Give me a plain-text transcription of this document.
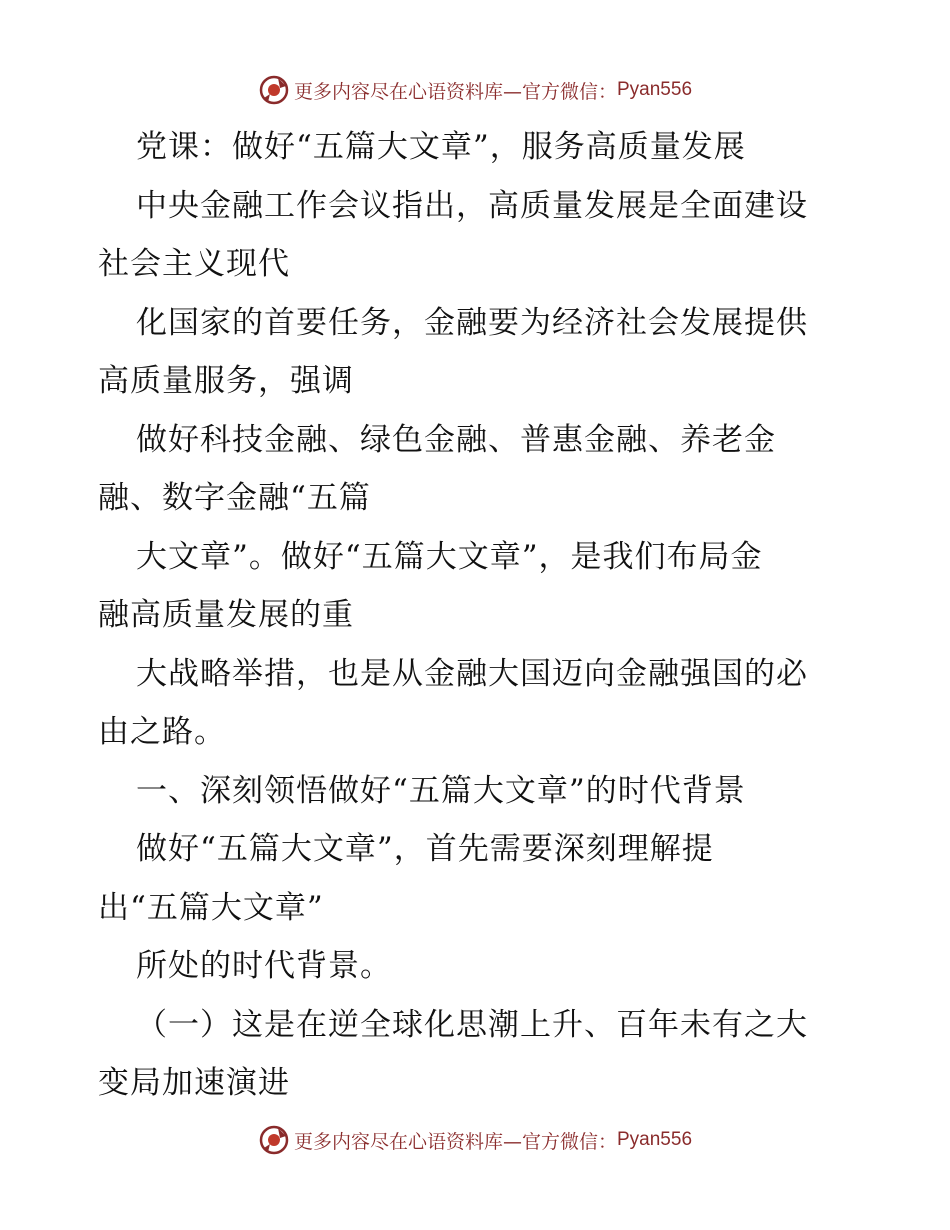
更多内容尽在心语资料库—官方微信： Pyan556
党课：做好“五篇大文章”，服务高质量发展
中央金融工作会议指出，高质量发展是全面建设
社会主义现代
化国家的首要任务，金融要为经济社会发展提供
高质量服务，强调
做好科技金融、绿色金融、普惠金融、养老金
融、数字金融“五篇
大文章”。做好“五篇大文章”，是我们布局金
融高质量发展的重
大战略举措，也是从金融大国迈向金融强国的必
由之路。
一、深刻领悟做好“五篇大文章”的时代背景
做好“五篇大文章”，首先需要深刻理解提
出“五篇大文章”
所处的时代背景。
（一）这是在逆全球化思潮上升、百年未有之大
变局加速演进
更多内容尽在心语资料库—官方微信： Pyan556
